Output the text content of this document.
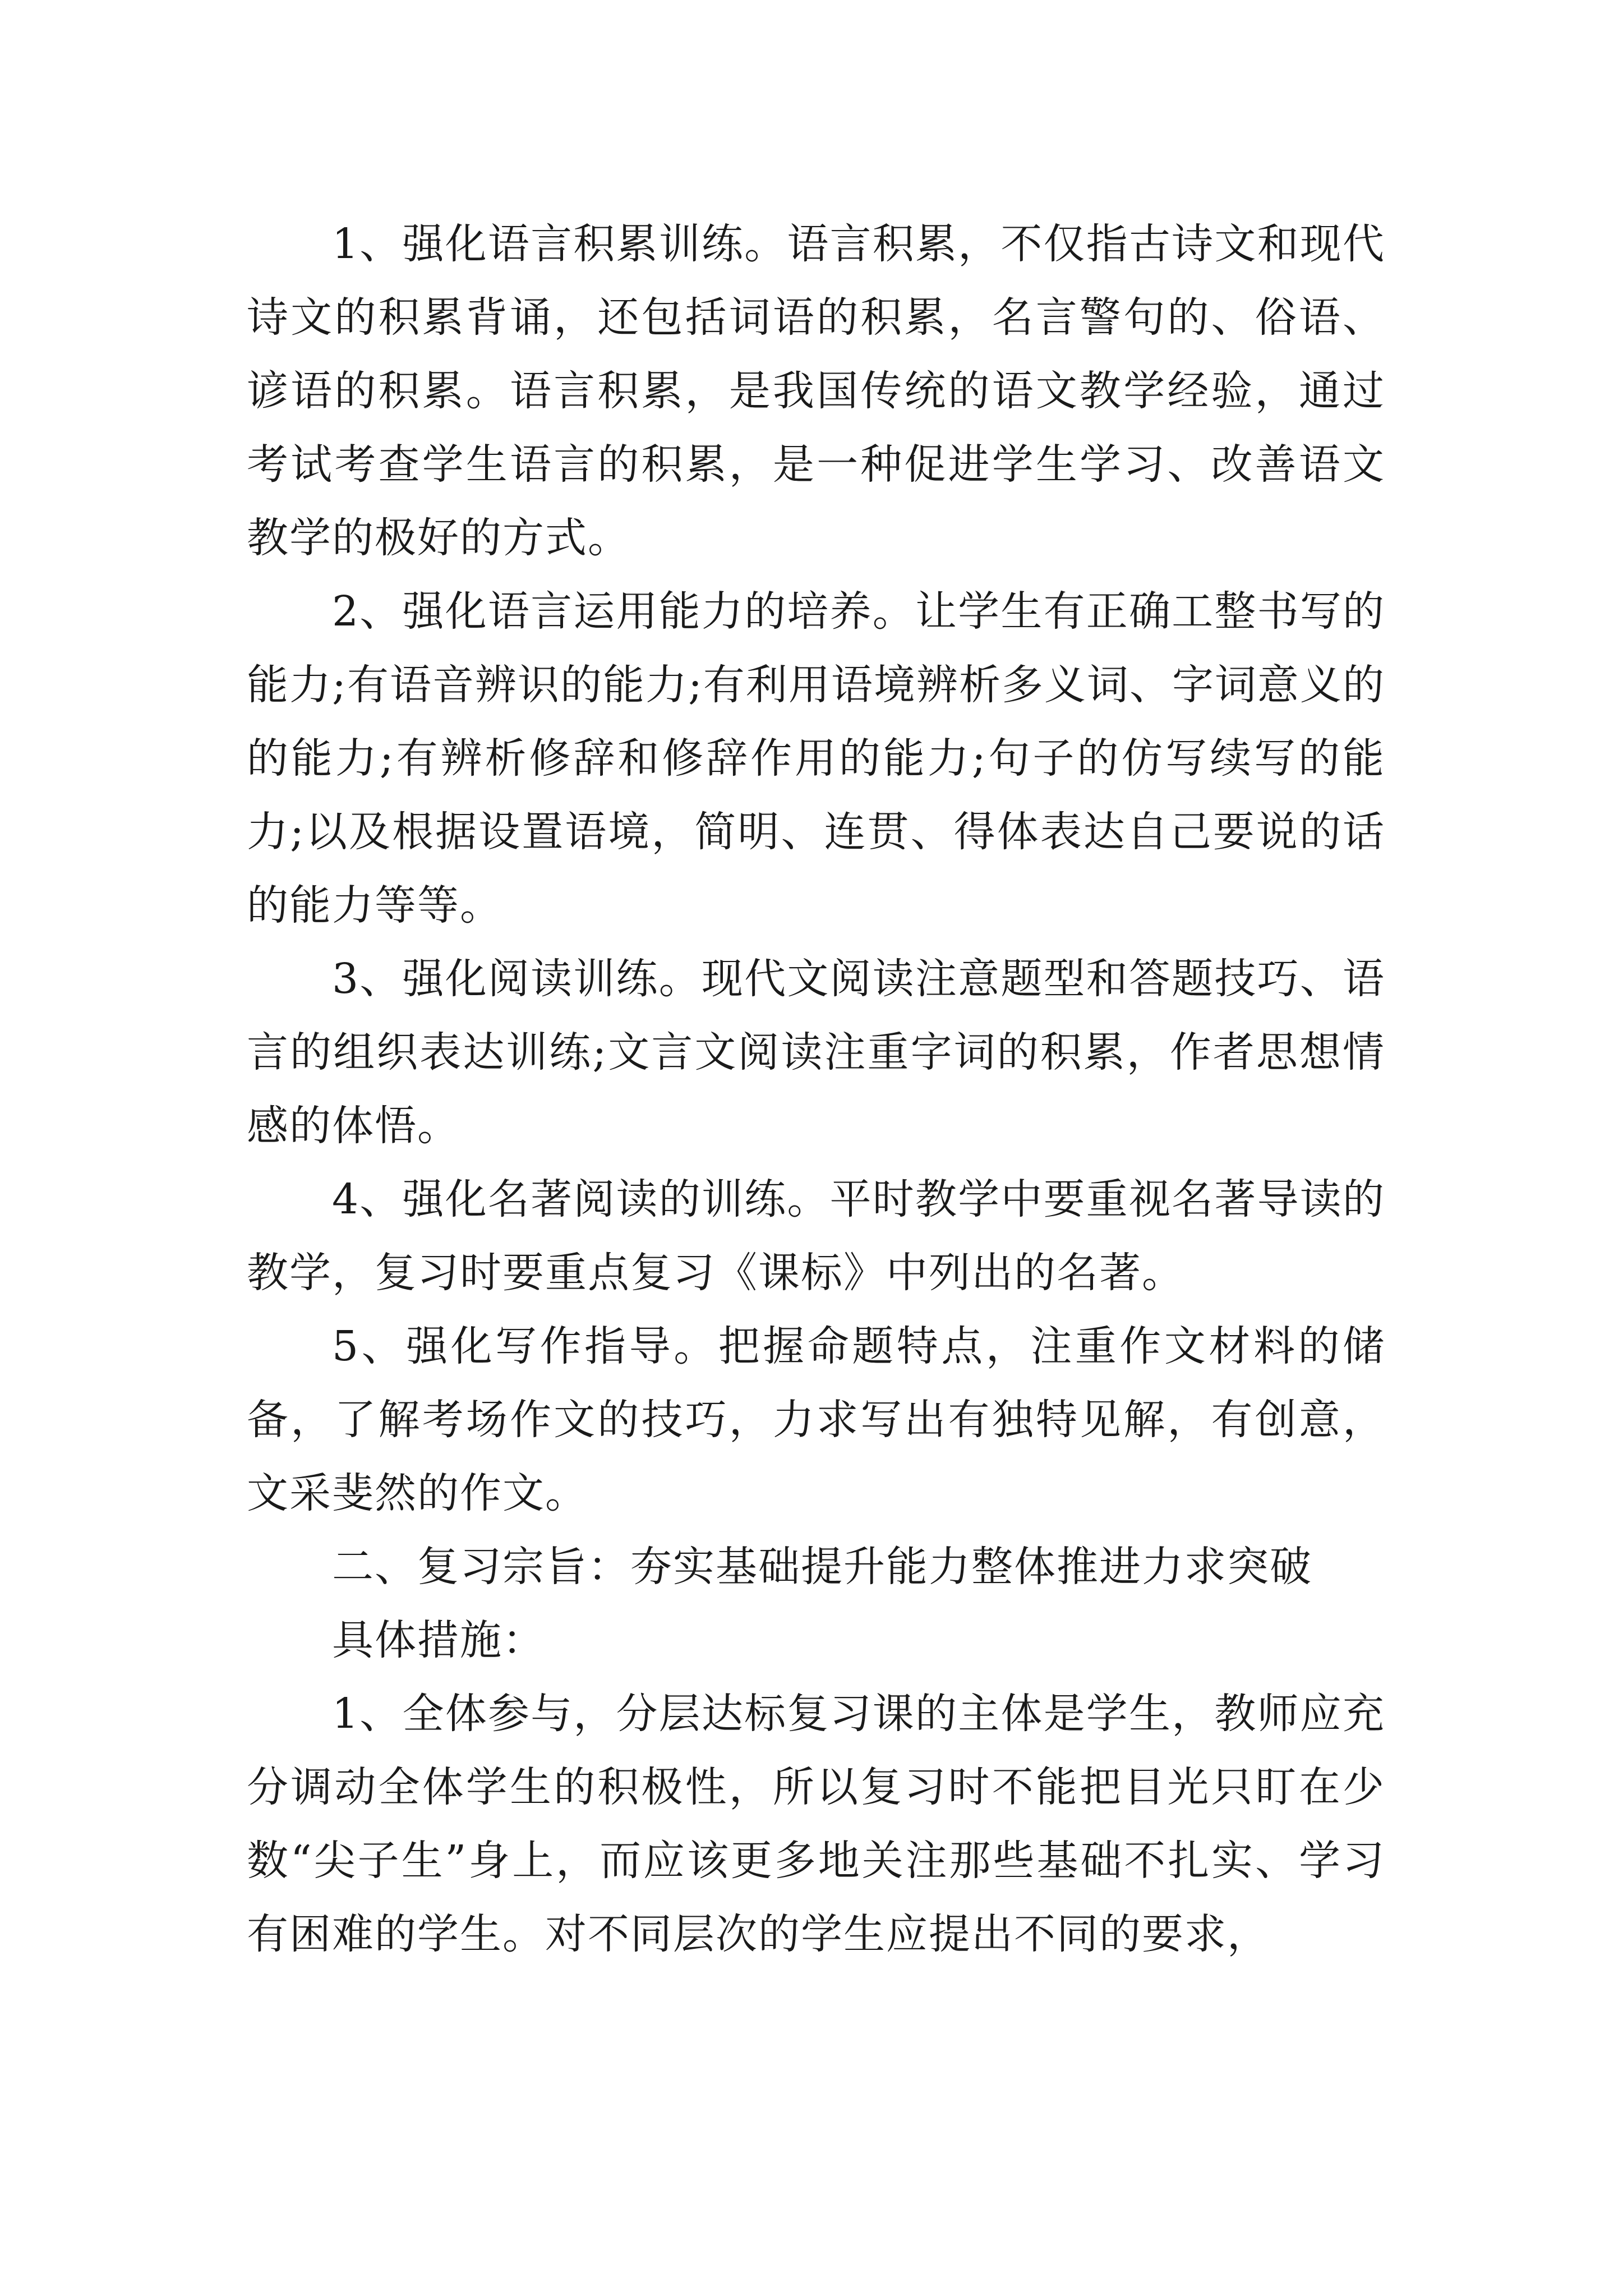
1、强化语言积累训练。语言积累，不仅指古诗文和现代诗文的积累背诵，还包括词语的积累，名言警句的、俗语、谚语的积累。语言积累，是我国传统的语文教学经验，通过考试考查学生语言的积累，是一种促进学生学习、改善语文教学的极好的方式。

2、强化语言运用能力的培养。让学生有正确工整书写的能力;有语音辨识的能力;有利用语境辨析多义词、字词意义的的能力;有辨析修辞和修辞作用的能力;句子的仿写续写的能力;以及根据设置语境，简明、连贯、得体表达自己要说的话的能力等等。

3、强化阅读训练。现代文阅读注意题型和答题技巧、语言的组织表达训练;文言文阅读注重字词的积累，作者思想情感的体悟。

4、强化名著阅读的训练。平时教学中要重视名著导读的教学，复习时要重点复习《课标》中列出的名著。

5、强化写作指导。把握命题特点，注重作文材料的储备，了解考场作文的技巧，力求写出有独特见解，有创意，文采斐然的作文。

二、复习宗旨：夯实基础提升能力整体推进力求突破

具体措施：

1、全体参与，分层达标复习课的主体是学生，教师应充分调动全体学生的积极性，所以复习时不能把目光只盯在少数“尖子生”身上，而应该更多地关注那些基础不扎实、学习有困难的学生。对不同层次的学生应提出不同的要求，
